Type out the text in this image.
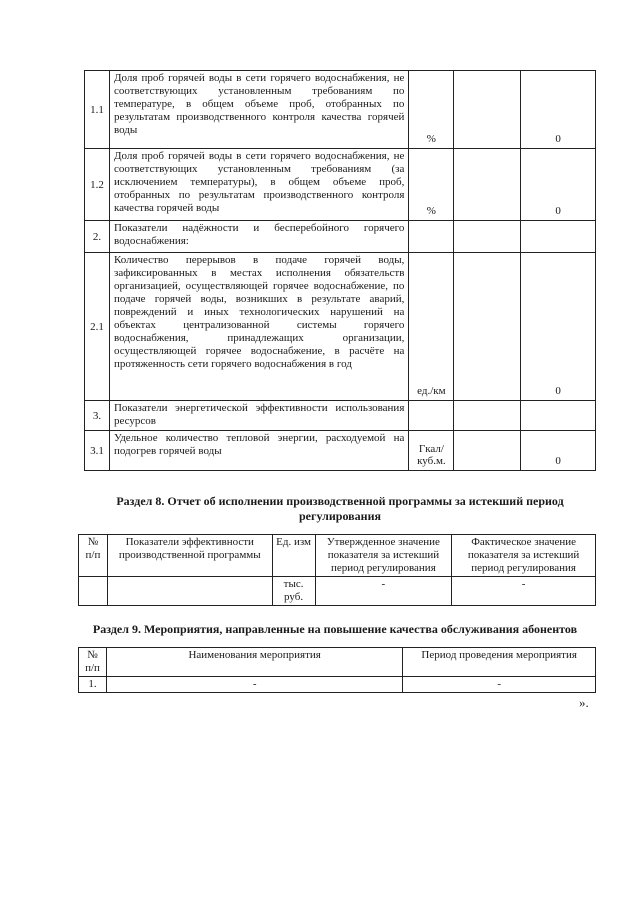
1.1	Доля проб горячей воды в сети горячего водоснабжения, не соответствующих установленным требованиям по температуре, в общем объеме проб, отобранных по результатам производственного контроля качества горячей воды	%		0
1.2	Доля проб горячей воды в сети горячего водоснабжения, не соответствующих установленным требованиям (за исключением температуры), в общем объеме проб, отобранных по результатам производственного контроля качества горячей воды	%		0
2.	Показатели надёжности и бесперебойного горячего водоснабжения:			
2.1	Количество перерывов в подаче горячей воды, зафиксированных в местах исполнения обязательств организацией, осуществляющей горячее водоснабжение, по подаче горячей воды, возникших в результате аварий, повреждений и иных технологических нарушений на объектах централизованной системы горячего водоснабжения, принадлежащих организации, осуществляющей горячее водоснабжение, в расчёте на протяженность сети горячего водоснабжения в год	ед./км		0
3.	Показатели энергетической эффективности использования ресурсов			
3.1	Удельное количество тепловой энергии, расходуемой на подогрев горячей воды	Гкал/ куб.м.		0
Раздел 8. Отчет об исполнении производственной программы за истекший период регулирования
№ п/п	Показатели эффективности производственной программы	Ед. изм	Утвержденное значение показателя за истекший период регулирования	Фактическое значение показателя за истекший период регулирования
		тыс. руб.	-	-
Раздел 9. Мероприятия, направленные на повышение качества обслуживания абонентов
№ п/п	Наименования мероприятия	Период проведения мероприятия
1.	-	-
».
